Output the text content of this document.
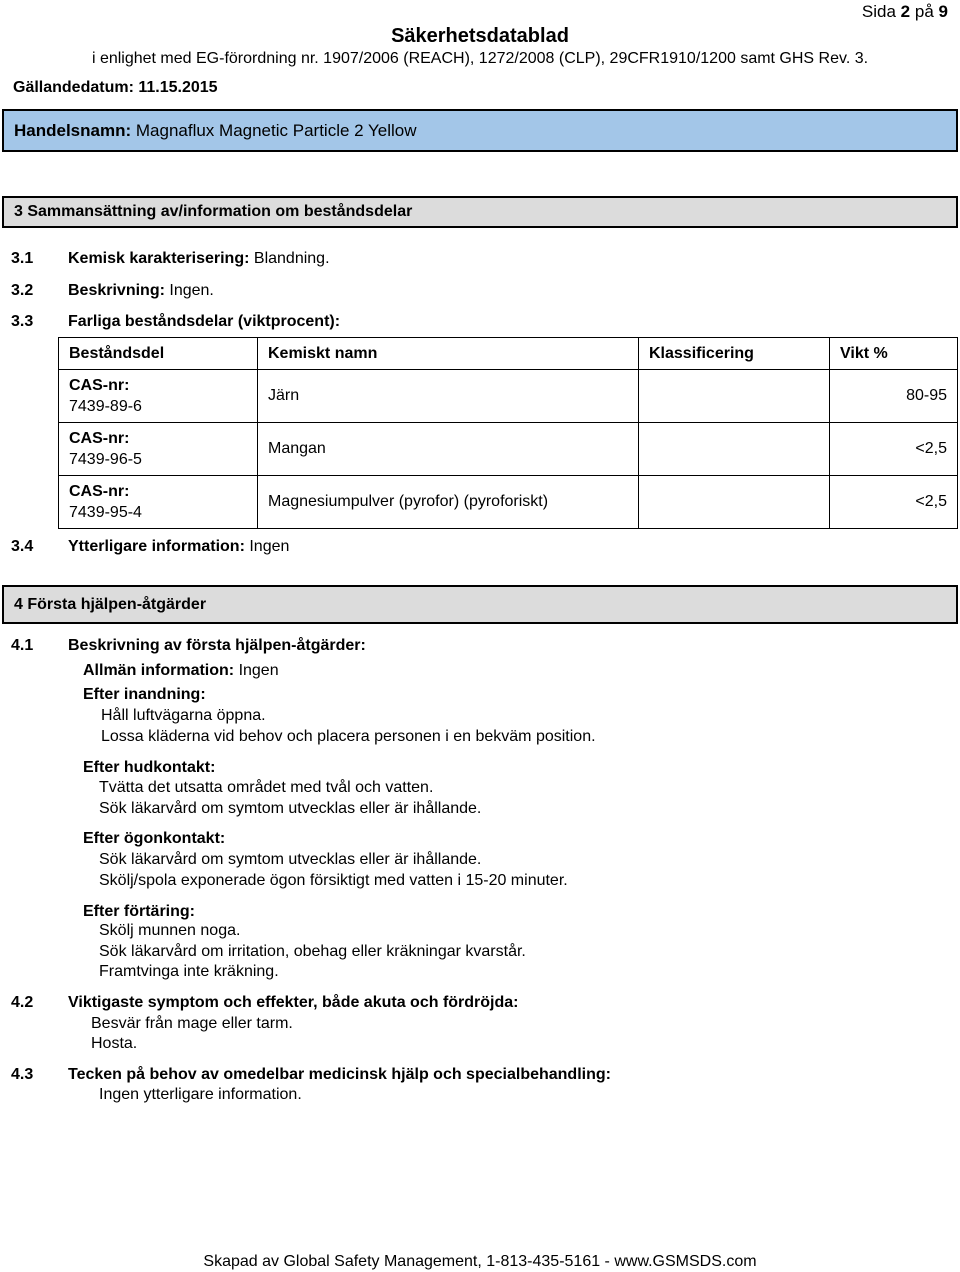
Sida 2 på 9
Säkerhetsdatablad
i enlighet med EG-förordning nr. 1907/2006 (REACH), 1272/2008 (CLP), 29CFR1910/1200 samt GHS Rev. 3.
Gällandedatum: 11.15.2015
Handelsnamn:
Magnaflux Magnetic Particle 2 Yellow
3 Sammansättning av/information om beståndsdelar
3.1 Kemisk karakterisering: Blandning.
3.2 Beskrivning: Ingen.
3.3 Farliga beståndsdelar (viktprocent):
Beståndsdel	Kemiskt namn	Klassificering	Vikt %

CAS-nr:
7439-89-6	Järn		80-95

CAS-nr:
7439-96-5	Mangan		<2,5

CAS-nr:
7439-95-4	Magnesiumpulver (pyrofor) (pyroforiskt)		<2,5
3.4 Ytterligare information: Ingen
4 Första hjälpen-åtgärder
4.1 Beskrivning av första hjälpen-åtgärder:
Allmän information: Ingen
Efter inandning:
Håll luftvägarna öppna.
Lossa kläderna vid behov och placera personen i en bekväm position.
Efter hudkontakt:
Tvätta det utsatta området med tvål och vatten.
Sök läkarvård om symtom utvecklas eller är ihållande.
Efter ögonkontakt:
Sök läkarvård om symtom utvecklas eller är ihållande.
Skölj/spola exponerade ögon försiktigt med vatten i 15-20 minuter.
Efter förtäring:
Skölj munnen noga.
Sök läkarvård om irritation, obehag eller kräkningar kvarstår.
Framtvinga inte kräkning.
4.2 Viktigaste symptom och effekter, både akuta och fördröjda:
Besvär från mage eller tarm.
Hosta.
4.3 Tecken på behov av omedelbar medicinsk hjälp och specialbehandling:
Ingen ytterligare information.
Skapad av Global Safety Management, 1-813-435-5161 - www.GSMSDS.com
